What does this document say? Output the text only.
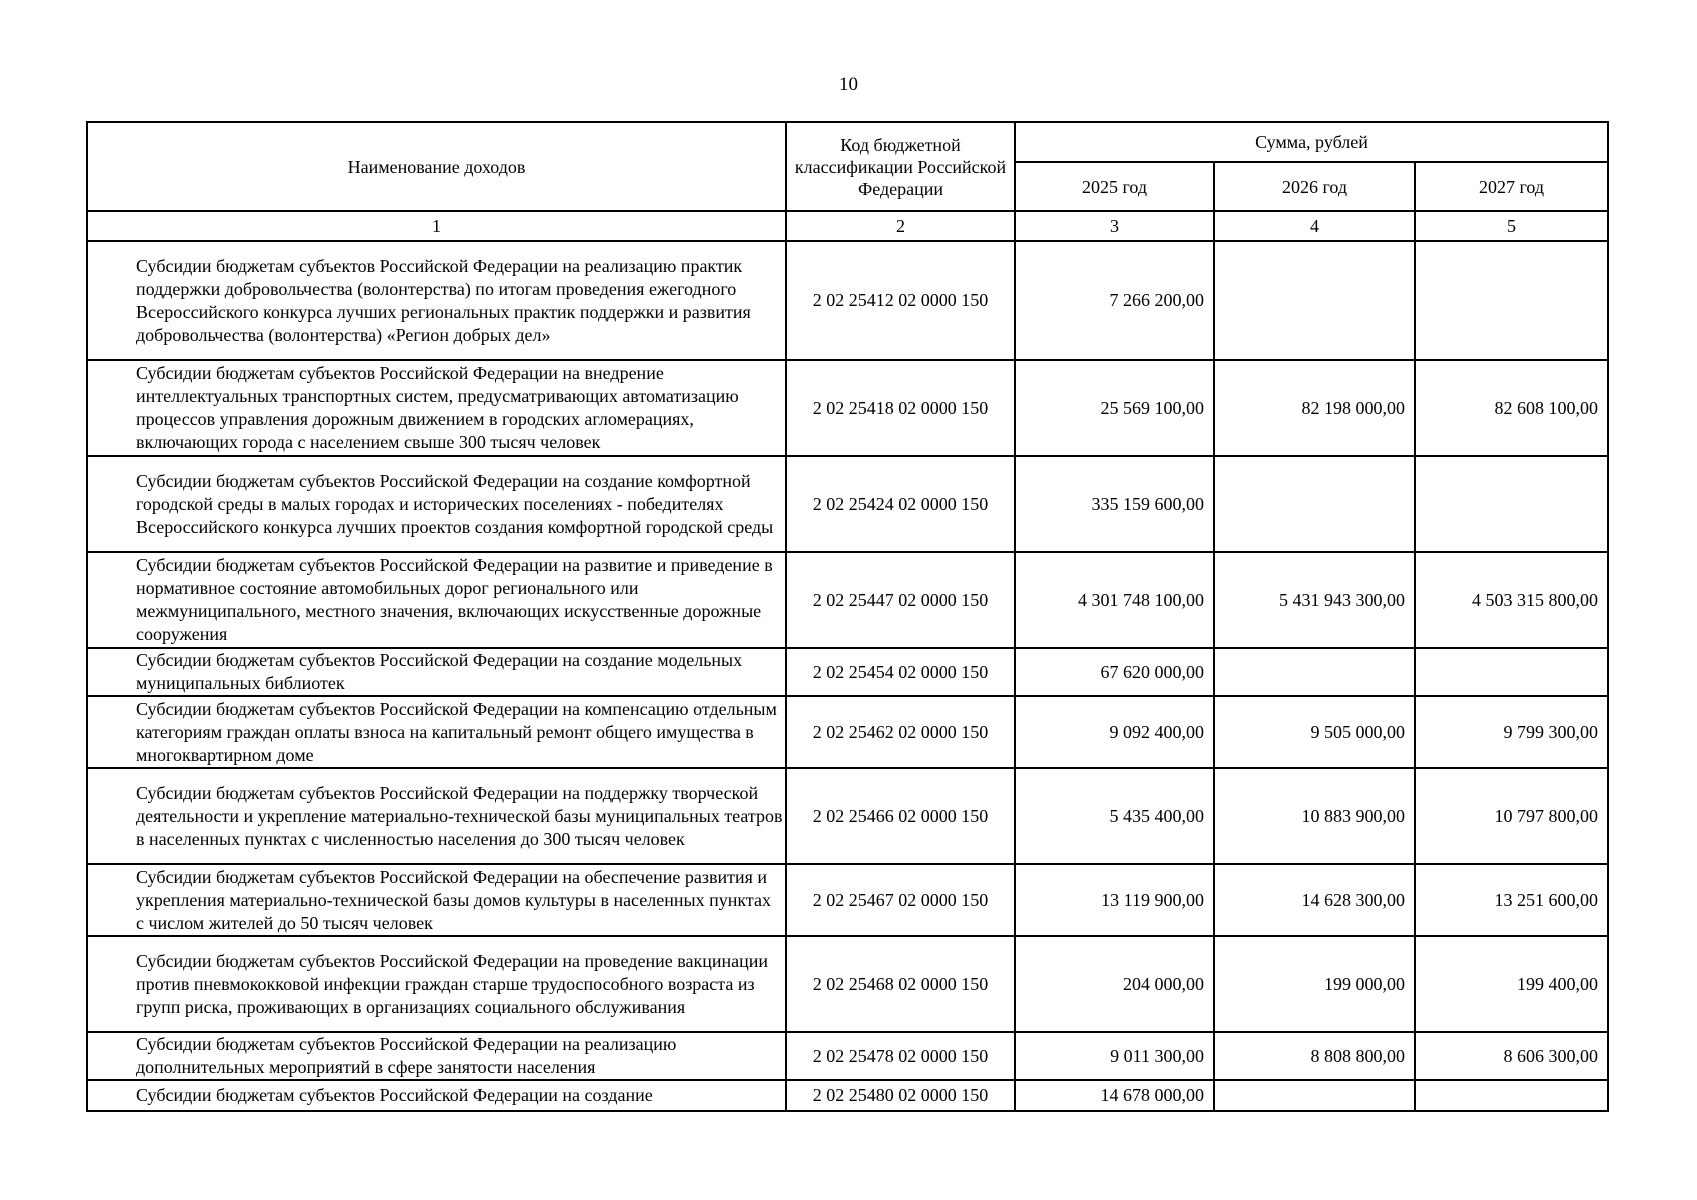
10
Наименование доходов	Код бюджетной классификации Российской Федерации	Сумма, рублей		
		2025 год	2026 год	2027 год
1	2	3	4	5
Субсидии бюджетам субъектов Российской Федерации на реализацию практик поддержки добровольчества (волонтерства) по итогам проведения ежегодного Всероссийского конкурса лучших региональных практик поддержки и развития добровольчества (волонтерства) «Регион добрых дел»	2 02 25412 02 0000 150	7 266 200,00		
Субсидии бюджетам субъектов Российской Федерации на внедрение интеллектуальных транспортных систем, предусматривающих автоматизацию процессов управления дорожным движением в городских агломерациях, включающих города с населением свыше 300 тысяч человек	2 02 25418 02 0000 150	25 569 100,00	82 198 000,00	82 608 100,00
Субсидии бюджетам субъектов Российской Федерации на создание комфортной городской среды в малых городах и исторических поселениях - победителях Всероссийского конкурса лучших проектов создания комфортной городской среды	2 02 25424 02 0000 150	335 159 600,00		
Субсидии бюджетам субъектов Российской Федерации на развитие и приведение в нормативное состояние автомобильных дорог регионального или межмуниципального, местного значения, включающих искусственные дорожные сооружения	2 02 25447 02 0000 150	4 301 748 100,00	5 431 943 300,00	4 503 315 800,00
Субсидии бюджетам субъектов Российской Федерации на создание модельных муниципальных библиотек	2 02 25454 02 0000 150	67 620 000,00		
Субсидии бюджетам субъектов Российской Федерации на компенсацию отдельным категориям граждан оплаты взноса на капитальный ремонт общего имущества в многоквартирном доме	2 02 25462 02 0000 150	9 092 400,00	9 505 000,00	9 799 300,00
Субсидии бюджетам субъектов Российской Федерации на поддержку творческой деятельности и укрепление материально-технической базы муниципальных театров в населенных пунктах с численностью населения до 300 тысяч человек	2 02 25466 02 0000 150	5 435 400,00	10 883 900,00	10 797 800,00
Субсидии бюджетам субъектов Российской Федерации на обеспечение развития и укрепления материально-технической базы домов культуры в населенных пунктах с числом жителей до 50 тысяч человек	2 02 25467 02 0000 150	13 119 900,00	14 628 300,00	13 251 600,00
Субсидии бюджетам субъектов Российской Федерации на проведение вакцинации против пневмококковой инфекции граждан старше трудоспособного возраста из групп риска, проживающих в организациях социального обслуживания	2 02 25468 02 0000 150	204 000,00	199 000,00	199 400,00
Субсидии бюджетам субъектов Российской Федерации на реализацию дополнительных мероприятий в сфере занятости населения	2 02 25478 02 0000 150	9 011 300,00	8 808 800,00	8 606 300,00
Субсидии бюджетам субъектов Российской Федерации на создание	2 02 25480 02 0000 150	14 678 000,00		
